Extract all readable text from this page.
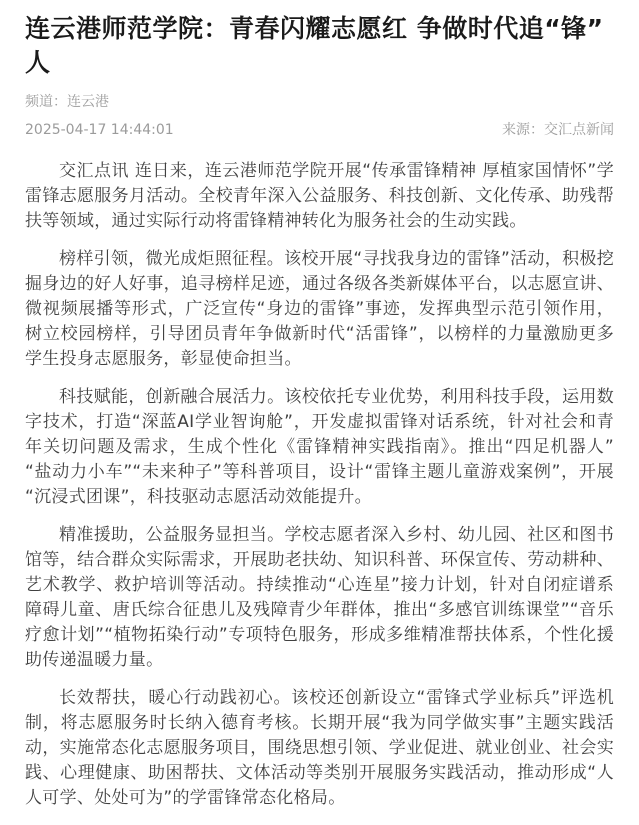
连云港师范学院：青春闪耀志愿红 争做时代追“锋”人
频道：连云港
2025-04-17 14:44:01	来源：交汇点新闻

交汇点讯 连日来，连云港师范学院开展“传承雷锋精神 厚植家国情怀”学雷锋志愿服务月活动。全校青年深入公益服务、科技创新、文化传承、助残帮扶等领域，通过实际行动将雷锋精神转化为服务社会的生动实践。

榜样引领，微光成炬照征程。该校开展“寻找我身边的雷锋”活动，积极挖掘身边的好人好事，追寻榜样足迹，通过各级各类新媒体平台，以志愿宣讲、微视频展播等形式，广泛宣传“身边的雷锋”事迹，发挥典型示范引领作用，树立校园榜样，引导团员青年争做新时代“活雷锋”，以榜样的力量激励更多学生投身志愿服务，彰显使命担当。

科技赋能，创新融合展活力。该校依托专业优势，利用科技手段，运用数字技术，打造“深蓝AI学业智询舱”，开发虚拟雷锋对话系统，针对社会和青年关切问题及需求，生成个性化《雷锋精神实践指南》。推出“四足机器人”“盐动力小车”“未来种子”等科普项目，设计“雷锋主题儿童游戏案例”，开展“沉浸式团课”，科技驱动志愿活动效能提升。

精准援助，公益服务显担当。学校志愿者深入乡村、幼儿园、社区和图书馆等，结合群众实际需求，开展助老扶幼、知识科普、环保宣传、劳动耕种、艺术教学、救护培训等活动。持续推动“心连星”接力计划，针对自闭症谱系障碍儿童、唐氏综合征患儿及残障青少年群体，推出“多感官训练课堂”“音乐疗愈计划”“植物拓染行动”专项特色服务，形成多维精准帮扶体系，个性化援助传递温暖力量。

长效帮扶，暖心行动践初心。该校还创新设立“雷锋式学业标兵”评选机制，将志愿服务时长纳入德育考核。长期开展“我为同学做实事”主题实践活动，实施常态化志愿服务项目，围绕思想引领、学业促进、就业创业、社会实践、心理健康、助困帮扶、文体活动等类别开展服务实践活动，推动形成“人人可学、处处可为”的学雷锋常态化格局。
